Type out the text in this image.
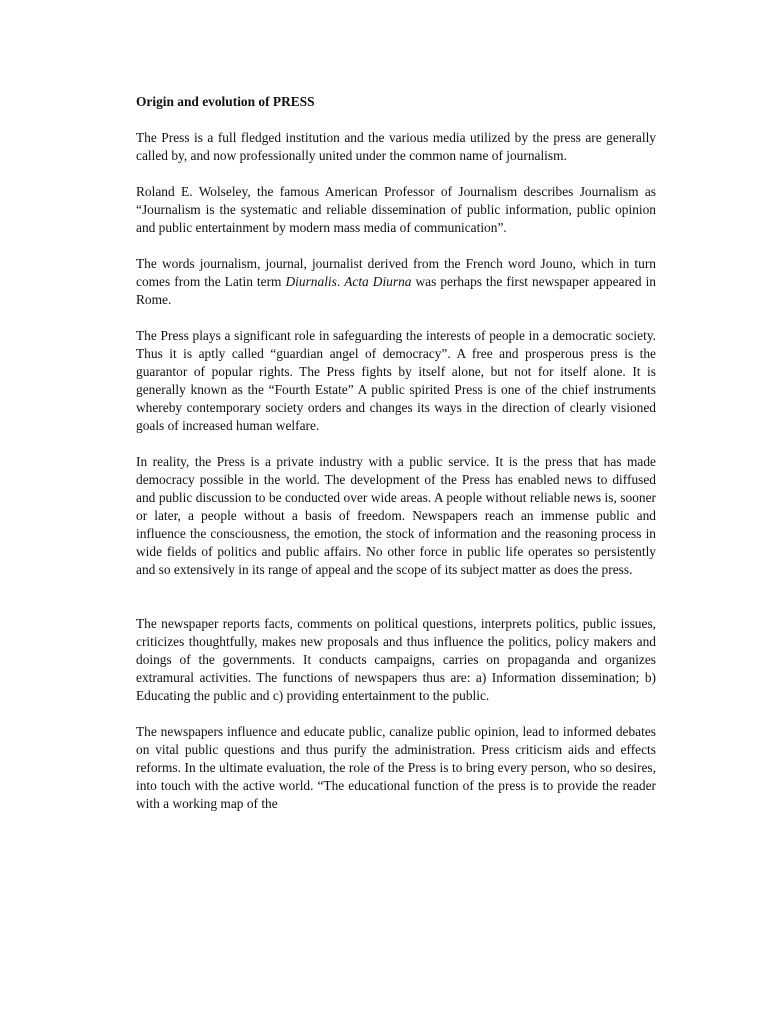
Origin and evolution of PRESS

The Press is a full fledged institution and the various media utilized by the press are generally called by, and now professionally united under the common name of journalism.

Roland E. Wolseley, the famous American Professor of Journalism describes Journalism as “Journalism is the systematic and reliable dissemination of public information, public opinion and public entertainment by modern mass media of communication”.

The words journalism, journal, journalist derived from the French word Jouno, which in turn comes from the Latin term Diurnalis. Acta Diurna was perhaps the first newspaper appeared in Rome.

The Press plays a significant role in safeguarding the interests of people in a democratic society. Thus it is aptly called “guardian angel of democracy”. A free and prosperous press is the guarantor of popular rights. The Press fights by itself alone, but not for itself alone. It is generally known as the “Fourth Estate” A public spirited Press is one of the chief instruments whereby contemporary society orders and changes its ways in the direction of clearly visioned goals of increased human welfare.

In reality, the Press is a private industry with a public service. It is the press that has made democracy possible in the world. The development of the Press has enabled news to diffused and public discussion to be conducted over wide areas. A people without reliable news is, sooner or later, a people without a basis of freedom. Newspapers reach an immense public and influence the consciousness, the emotion, the stock of information and the reasoning process in wide fields of politics and public affairs. No other force in public life operates so persistently and so extensively in its range of appeal and the scope of its subject matter as does the press.

The newspaper reports facts, comments on political questions, interprets politics, public issues, criticizes thoughtfully, makes new proposals and thus influence the politics, policy makers and doings of the governments. It conducts campaigns, carries on propaganda and organizes extramural activities. The functions of newspapers thus are: a) Information dissemination; b) Educating the public and c) providing entertainment to the public.

The newspapers influence and educate public, canalize public opinion, lead to informed debates on vital public questions and thus purify the administration. Press criticism aids and effects reforms. In the ultimate evaluation, the role of the Press is to bring every person, who so desires, into touch with the active world. “The educational function of the press is to provide the reader with a working map of the
